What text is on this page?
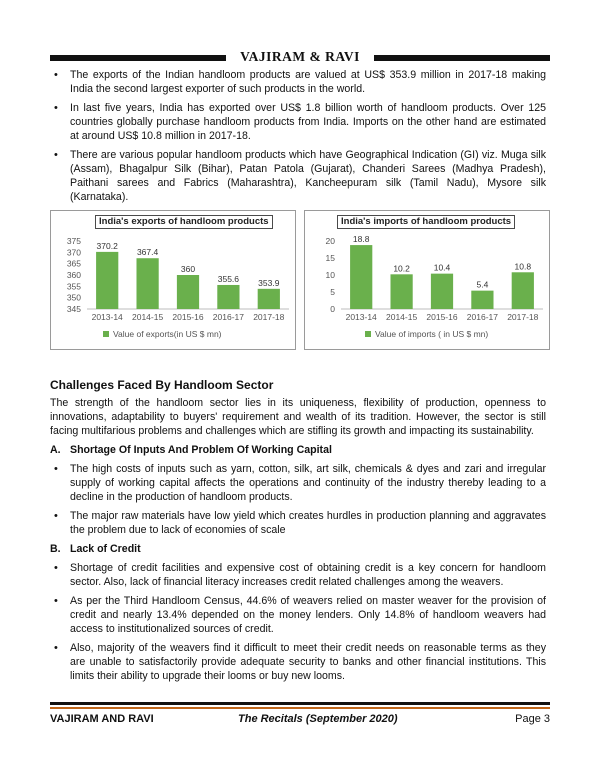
VAJIRAM & RAVI
• The exports of the Indian handloom products are valued at US$ 353.9 million in 2017-18 making India the second largest exporter of such products in the world.
• In last five years, India has exported over US$ 1.8 billion worth of handloom products. Over 125 countries globally purchase handloom products from India. Imports on the other hand are estimated at around US$ 10.8 million in 2017-18.
• There are various popular handloom products which have Geographical Indication (GI) viz. Muga silk (Assam), Bhagalpur Silk (Bihar), Patan Patola (Gujarat), Chanderi Sarees (Madhya Pradesh), Paithani sarees and Fabrics (Maharashtra), Kancheepuram silk (Tamil Nadu), Mysore silk (Karnataka).
345
350
355
360
365
370
375 370.2
2013-14
367.4
2014-15
360
2015-16
355.6
2016-17
353.9
2017-18
Value of exports(in US $ mn)
India's exports of handloom products
0
5
10
15
20 18.8
2013-14
10.2
2014-15
10.4
2015-16
5.4
2016-17
10.8
2017-18
Value of imports ( in US $ mn)
India's imports of handloom products
Challenges Faced By Handloom Sector

The strength of the handloom sector lies in its uniqueness, flexibility of production, openness to innovations, adaptability to buyers' requirement and wealth of its tradition. However, the sector is still facing multifarious problems and challenges which are stifling its growth and impacting its sustainability.

A. Shortage Of Inputs And Problem Of Working Capital
• The high costs of inputs such as yarn, cotton, silk, art silk, chemicals & dyes and zari and irregular supply of working capital affects the operations and continuity of the industry thereby leading to a decline in the production of handloom products.
• The major raw materials have low yield which creates hurdles in production planning and aggravates the problem due to lack of economies of scale
B. Lack of Credit
• Shortage of credit facilities and expensive cost of obtaining credit is a key concern for handloom sector. Also, lack of financial literacy increases credit related challenges among the weavers.
• As per the Third Handloom Census, 44.6% of weavers relied on master weaver for the provision of credit and nearly 13.4% depended on the money lenders. Only 14.8% of handloom weavers had access to institutionalized sources of credit.
• Also, majority of the weavers find it difficult to meet their credit needs on reasonable terms as they are unable to satisfactorily provide adequate security to banks and other financial institutions. This limits their ability to upgrade their looms or buy new looms.
VAJIRAM AND RAVI	The Recitals (September 2020)	Page 3
